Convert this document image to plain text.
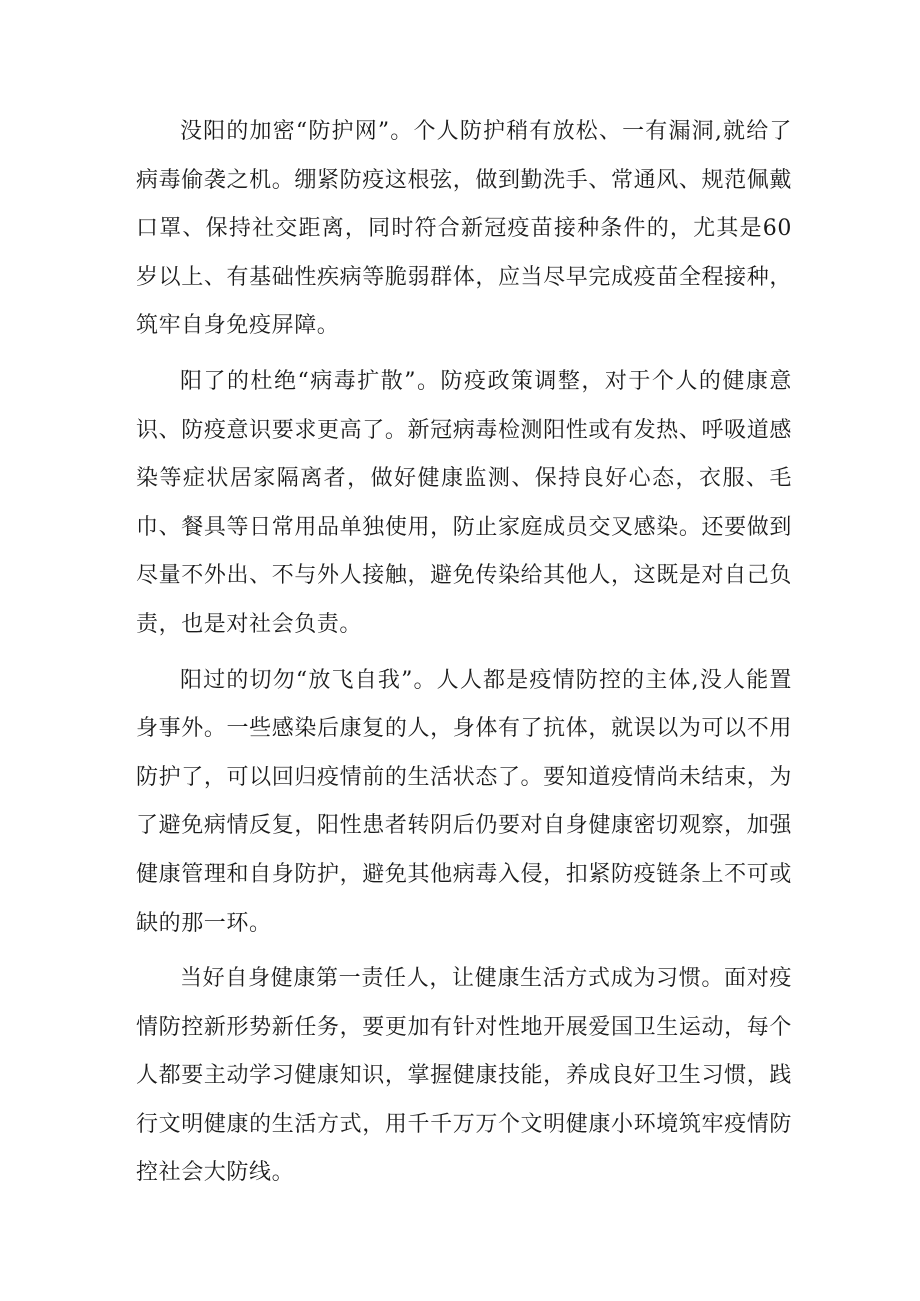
没阳的加密“防护网”。个人防护稍有放松、一有漏洞,就给了病毒偷袭之机。绷紧防疫这根弦，做到勤洗手、常通风、规范佩戴口罩、保持社交距离，同时符合新冠疫苗接种条件的，尤其是60岁以上、有基础性疾病等脆弱群体，应当尽早完成疫苗全程接种，筑牢自身免疫屏障。

阳了的杜绝“病毒扩散”。防疫政策调整，对于个人的健康意识、防疫意识要求更高了。新冠病毒检测阳性或有发热、呼吸道感染等症状居家隔离者，做好健康监测、保持良好心态，衣服、毛巾、餐具等日常用品单独使用，防止家庭成员交叉感染。还要做到尽量不外出、不与外人接触，避免传染给其他人，这既是对自己负责，也是对社会负责。

阳过的切勿“放飞自我”。人人都是疫情防控的主体,没人能置身事外。一些感染后康复的人，身体有了抗体，就误以为可以不用防护了，可以回归疫情前的生活状态了。要知道疫情尚未结束，为了避免病情反复，阳性患者转阴后仍要对自身健康密切观察，加强健康管理和自身防护，避免其他病毒入侵，扣紧防疫链条上不可或缺的那一环。

当好自身健康第一责任人，让健康生活方式成为习惯。面对疫情防控新形势新任务，要更加有针对性地开展爱国卫生运动，每个人都要主动学习健康知识，掌握健康技能，养成良好卫生习惯，践行文明健康的生活方式，用千千万万个文明健康小环境筑牢疫情防控社会大防线。
